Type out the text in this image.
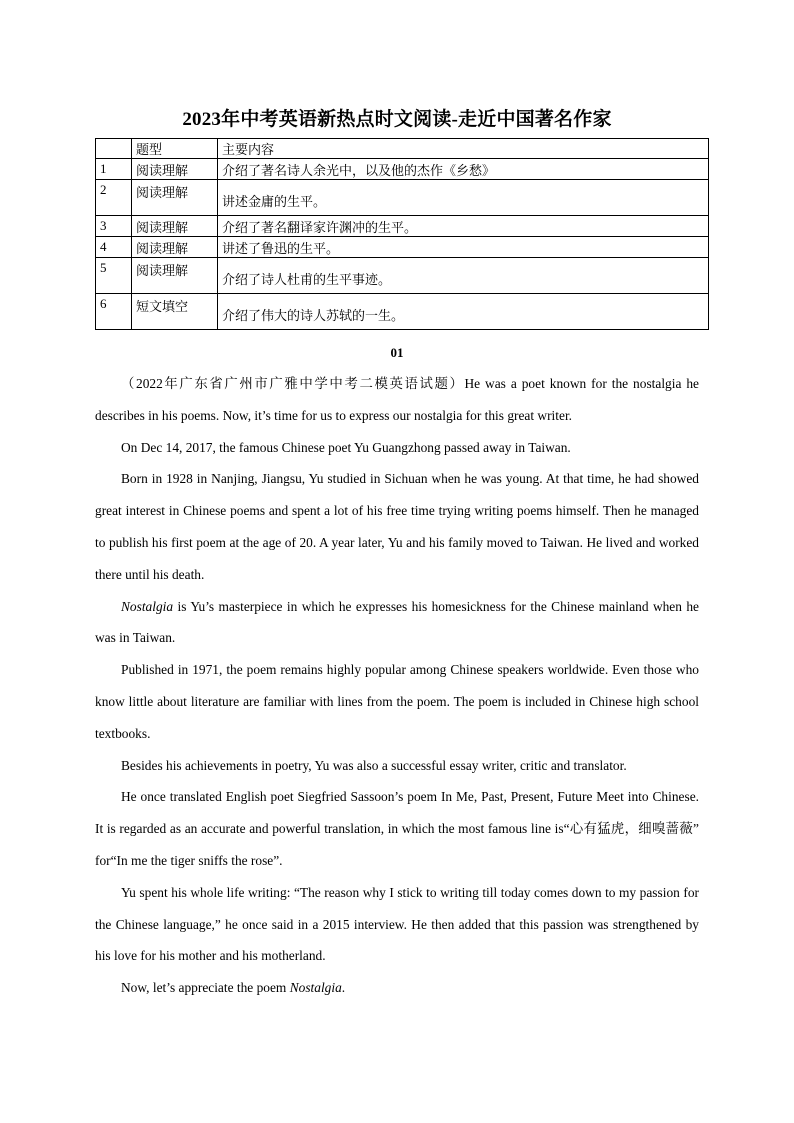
2023年中考英语新热点时文阅读-走近中国著名作家
	题型	主要内容
1	阅读理解	介绍了著名诗人余光中，以及他的杰作《乡愁》
2	阅读理解	讲述金庸的生平。
3	阅读理解	介绍了著名翻译家许渊冲的生平。
4	阅读理解	讲述了鲁迅的生平。
5	阅读理解	介绍了诗人杜甫的生平事迹。
6	短文填空	介绍了伟大的诗人苏轼的一生。
01

（2022年广东省广州市广雅中学中考二模英语试题）He was a poet known for the nostalgia he describes in his poems. Now, it’s time for us to express our nostalgia for this great writer.

On Dec 14, 2017, the famous Chinese poet Yu Guangzhong passed away in Taiwan.

Born in 1928 in Nanjing, Jiangsu, Yu studied in Sichuan when he was young. At that time, he had showed great interest in Chinese poems and spent a lot of his free time trying writing poems himself. Then he managed to publish his first poem at the age of 20. A year later, Yu and his family moved to Taiwan. He lived and worked there until his death.

Nostalgia is Yu’s masterpiece in which he expresses his homesickness for the Chinese mainland when he was in Taiwan.

Published in 1971, the poem remains highly popular among Chinese speakers worldwide. Even those who know little about literature are familiar with lines from the poem. The poem is included in Chinese high school textbooks.

Besides his achievements in poetry, Yu was also a successful essay writer, critic and translator.

He once translated English poet Siegfried Sassoon’s poem In Me, Past, Present, Future Meet into Chinese. It is regarded as an accurate and powerful translation, in which the most famous line is“心有猛虎，细嗅蔷薇” for“In me the tiger sniffs the rose”.

Yu spent his whole life writing: “The reason why I stick to writing till today comes down to my passion for the Chinese language,” he once said in a 2015 interview. He then added that this passion was strengthened by his love for his mother and his motherland.

Now, let’s appreciate the poem Nostalgia.
